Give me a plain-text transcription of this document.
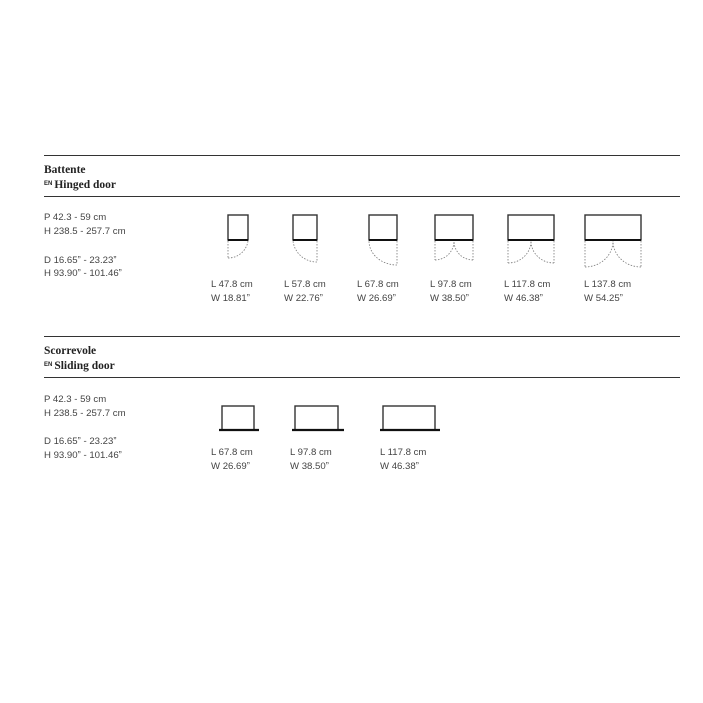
Battente
$^{EN}$ Hinged door
P 42.3 - 59 cm
H 238.5 - 257.7 cm
D 16.65ˮ - 23.23ˮ
H 93.90ˮ - 101.46ˮ
L 47.8 cm
W 18.81ˮ
L 57.8 cm
W 22.76ˮ
L 67.8 cm
W 26.69ˮ
L 97.8 cm
W 38.50ˮ
L 117.8 cm
W 46.38ˮ
L 137.8 cm
W 54.25ˮ
Scorrevole
$^{EN}$ Sliding door
P 42.3 - 59 cm
H 238.5 - 257.7 cm
D 16.65ˮ - 23.23ˮ
H 93.90ˮ - 101.46ˮ	L 67.8 cm
W 26.69ˮ
L 97.8 cm
W 38.50ˮ
L 117.8 cm
W 46.38ˮ
